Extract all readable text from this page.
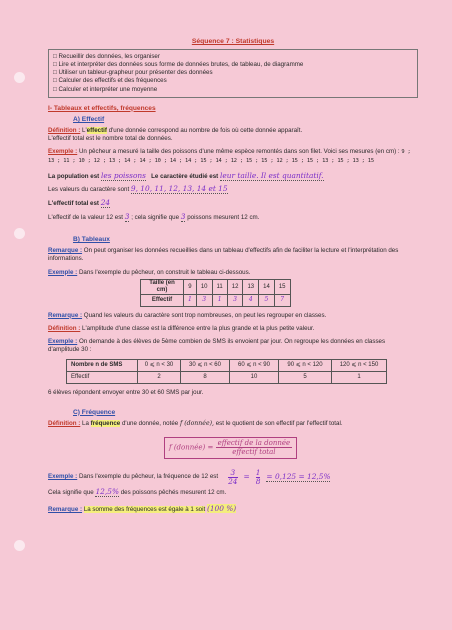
Séquence 7 : Statistiques
□ Recueillir des données, les organiser
□ Lire et interpréter des données sous forme de données brutes, de tableau, de diagramme
□ Utiliser un tableur-grapheur pour présenter des données
□ Calculer des effectifs et des fréquences
□ Calculer et interpréter une moyenne
I- Tableaux et effectifs, fréquences
A) Effectif

Définition : L'effectif d'une donnée correspond au nombre de fois où cette donnée apparaît.

L'effectif total est le nombre total de données.

Exemple : Un pêcheur a mesuré la taille des poissons d'une même espèce remontés dans son filet. Voici ses mesures (en cm) : 9 ; 13 ; 11 ; 10 ; 12 ; 13 ; 14 ; 14 ; 10 ; 14 ; 14 ; 15 ; 14 ; 12 ; 15 ; 15 ; 12 ; 15 ; 15 ; 13 ; 15 ; 13 ; 15

La population est les poissons Le caractère étudié est leur taille. Il est quantitatif.

Les valeurs du caractère sont 9, 10, 11, 12, 13, 14 et 15

L'effectif total est 24

L'effectif de la valeur 12 est 3 ; cela signifie que 3 poissons mesurent 12 cm.

B) Tableaux

Remarque : On peut organiser les données recueillies dans un tableau d'effectifs afin de faciliter la lecture et l'interprétation des informations.

Exemple : Dans l'exemple du pêcheur, on construit le tableau ci-dessous.

Taille (en cm)	9	10	11	12	13	14	15
Effectif	1	3	1	3	4	5	7

Remarque : Quand les valeurs du caractère sont trop nombreuses, on peut les regrouper en classes.

Définition : L'amplitude d'une classe est la différence entre la plus grande et la plus petite valeur.

Exemple : On demande à des élèves de 5ème combien de SMS ils envoient par jour. On regroupe les données en classes d'amplitude 30 :

Nombre n de SMS	0 ⩽ n < 30	30 ⩽ n < 60	60 ⩽ n < 90	90 ⩽ n < 120	120 ⩽ n < 150
Effectif	2	8	10	5	1

6 élèves répondent envoyer entre 30 et 60 SMS par jour.

C) Fréquence

Définition : La fréquence d'une donnée, notée f (donnée), est le quotient de son effectif par l'effectif total.

f (donnée) =
effectif de la donnée
effectif total
Exemple : Dans l'exemple du pêcheur, la fréquence de 12 est $\frac{3}{24} = \frac{1}{8} = 0,125 = 12,5\%$

Cela signifie que 12,5% des poissons pêchés mesurent 12 cm.

Remarque : La somme des fréquences est égale à 1 soit (100 %)
